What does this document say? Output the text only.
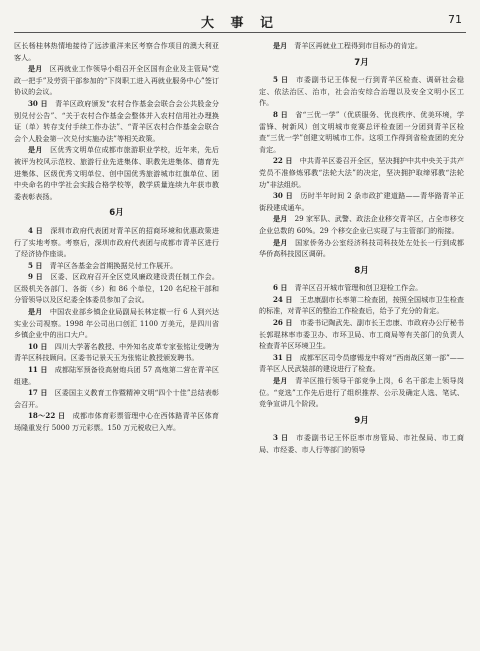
大 事 记	71

区长杨桂林热情地接待了远涉重洋来区考察合作项目的澳大利亚客人。

是月　 区再就业工作领导小组召开全区国有企业及主管局“党政一把手”及劳资干部参加的“下岗职工进入再就业服务中心”签订协议的会议。

30 日　 青羊区政府颁发“农村合作基金会联合会公共股金分别兑付公告”、“关于农村合作基金会整体并入农村信用社办理换证（单）转存支付手续工作办法”、“青羊区农村合作基金会联合会个人股金第一次兑付实施办法”等相关政策。

是月　 区优秀文明单位成都市旅游职业学校，近年来，先后被评为校风示范校、旅游行业先进集体、职教先进集体、德育先进集体、区级优秀文明单位、创中国优秀旅游城市红旗单位、团中央命名的中学社会实践合格学校等，教学质量连续九年获市教委表彰表扬。

6月

4 日　 深圳市政府代表团对青羊区的招商环境和优惠政策进行了实地考察。考察后，深圳市政府代表团与成都市青羊区进行了经济协作座谈。

5 日　 青羊区各基金会首期换据兑付工作展开。

9 日　 区委、区政府召开全区党风廉政建设责任制工作会。区级机关各部门、各街（乡）和 86 个单位，120 名纪检干部和分管领导以及区纪委全体委员参加了会议。

是月　 中国农业部乡镇企业局副局长林定椒一行 6 人到兴达实业公司视察。1998 年公司出口创汇 1100 万美元，是四川省乡镇企业中的出口大户。

10 日　 四川大学著名教授、中外知名皮革专家张铭让受聘为青羊区科技顾问。区委书记景天玉为张铭让教授颁发聘书。

11 日　 成都陆军预备役高射炮兵团 57 高炮第二营在青羊区组建。

17 日　 区委国主义教育工作暨精神文明“四个十佳”总结表彰会召开。

18～22 日　 成都市体育彩票管理中心在西体路青羊区体育场隆重发行 5000 万元彩票。150 万元税收已入库。

是月　 青羊区再就业工程得到市目标办的肯定。

7月

5 日　 市委副书记王体倪一行到青羊区检查、调研社会稳定、依法治区、治市，社会治安综合治理以及安全文明小区工作。

8 日　 省“三优一学”（优质服务、优良秩序、优美环境，学雷锋、树新风）创文明城市竞赛总评检查团一分团到青羊区检查“三优一学”创建文明城市工作。这项工作得到省检查团的充分肯定。

22 日　 中共青羊区委召开全区，坚决拥护中共中央关于共产党员不准修炼邪教“法轮大法”的决定，坚决拥护取缔邪教“法轮功”非法组织。

30 日　 历时半年时间 2 条市政扩建道路——青华路青羊正街段建成通车。

是月　 29 家军队、武警、政法企业移交青羊区，占全市移交企业总数的 60%。29 个移交企业已实现了与主管部门的衔接。

是月　 国家侨务办公室经济科技司科技处左处长一行到成都华侨高科技园区调研。

8月

6 日　 青羊区召开城市管理和创卫迎检工作会。

24 日　 王忠康副市长率第二检查团，按照全国城市卫生检查的标准，对青羊区的整治工作检查后，给予了充分的肯定。

26 日　 市委书记陶武先、副市长王忠康、市政府办公厅秘书长郭琨林率市委卫办、市环卫局、市工商局等有关部门的负责人检查青羊区环境卫生。

31 日　 成都军区司令员廖锡龙中将对“西南战区第一部”——青羊区人民武装部的建设进行了检查。

是月　 青羊区推行领导干部竞争上岗，6 名干部走上领导岗位。“竞选”工作先后进行了组织推荐、公示及确定人选、笔试、竞争宣讲几个阶段。

9月

3 日　 市委副书记王怀臣率市房管局、市社保局、市工商局、市经委、市人行等部门的领导
